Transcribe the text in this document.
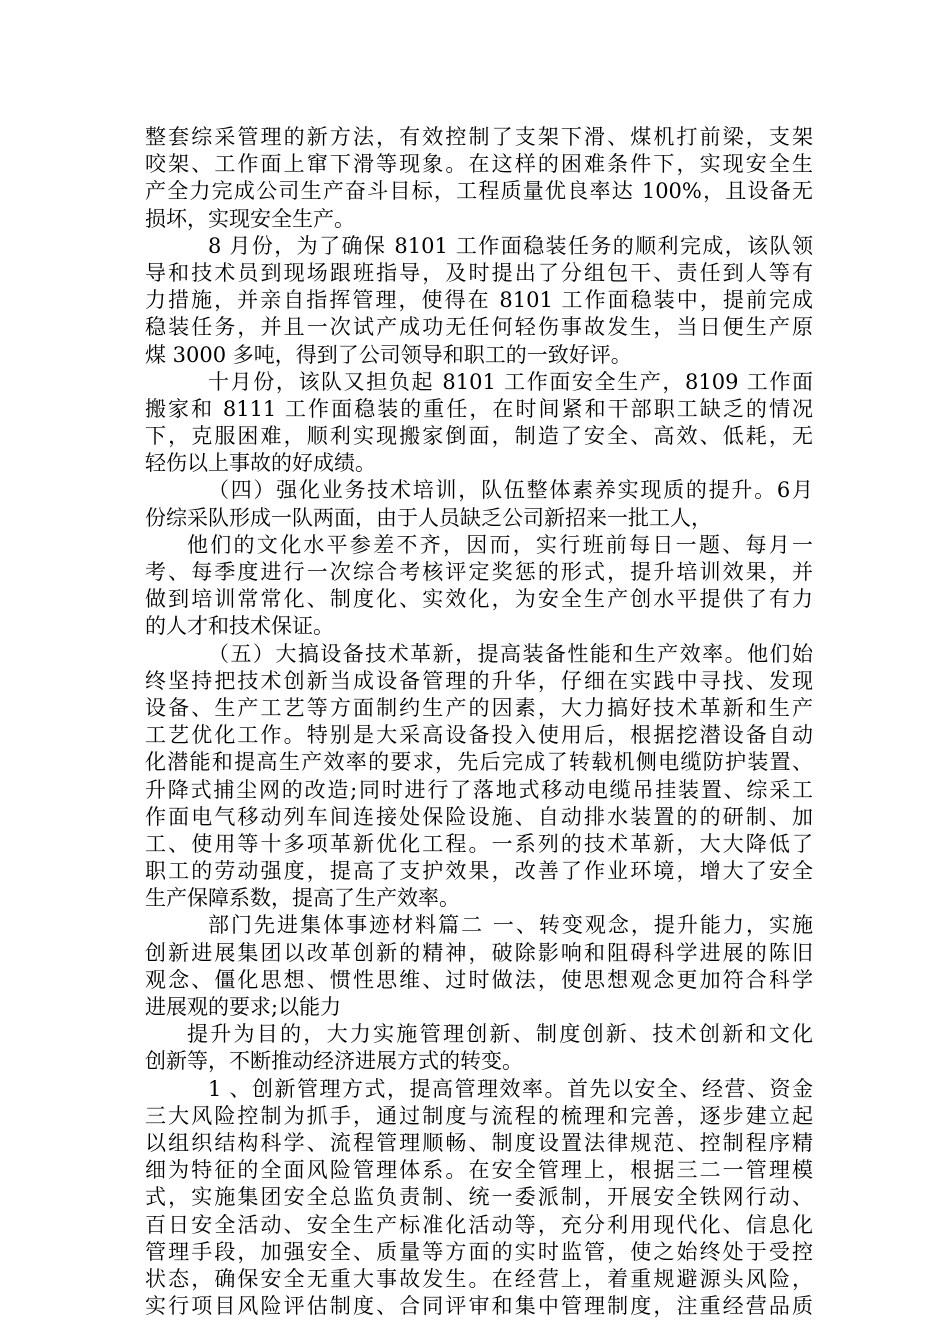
整套综采管理的新方法，有效控制了支架下滑、煤机打前梁，支架
咬架、工作面上窜下滑等现象。在这样的困难条件下，实现安全生
产全力完成公司生产奋斗目标，工程质量优良率达 100%，且设备无
损坏，实现安全生产。
8 月份，为了确保 8101 工作面稳装任务的顺利完成，该队领
导和技术员到现场跟班指导，及时提出了分组包干、责任到人等有
力措施，并亲自指挥管理，使得在 8101 工作面稳装中，提前完成
稳装任务，并且一次试产成功无任何轻伤事故发生，当日便生产原
煤 3000 多吨，得到了公司领导和职工的一致好评。
十月份，该队又担负起 8101 工作面安全生产，8109 工作面
搬家和 8111 工作面稳装的重任，在时间紧和干部职工缺乏的情况
下，克服困难，顺利实现搬家倒面，制造了安全、高效、低耗，无
轻伤以上事故的好成绩。
（四）强化业务技术培训，队伍整体素养实现质的提升。6月
份综采队形成一队两面，由于人员缺乏公司新招来一批工人，
他们的文化水平参差不齐，因而，实行班前每日一题、每月一
考、每季度进行一次综合考核评定奖惩的形式，提升培训效果，并
做到培训常常化、制度化、实效化，为安全生产创水平提供了有力
的人才和技术保证。
（五）大搞设备技术革新，提高装备性能和生产效率。他们始
终坚持把技术创新当成设备管理的升华，仔细在实践中寻找、发现
设备、生产工艺等方面制约生产的因素，大力搞好技术革新和生产
工艺优化工作。特别是大采高设备投入使用后，根据挖潜设备自动
化潜能和提高生产效率的要求，先后完成了转载机侧电缆防护装置、
升降式捕尘网的改造;同时进行了落地式移动电缆吊挂装置、综采工
作面电气移动列车间连接处保险设施、自动排水装置的的研制、加
工、使用等十多项革新优化工程。一系列的技术革新，大大降低了
职工的劳动强度，提高了支护效果，改善了作业环境，增大了安全
生产保障系数，提高了生产效率。
部门先进集体事迹材料篇二 一、转变观念，提升能力，实施
创新进展集团以改革创新的精神，破除影响和阻碍科学进展的陈旧
观念、僵化思想、惯性思维、过时做法，使思想观念更加符合科学
进展观的要求;以能力
提升为目的，大力实施管理创新、制度创新、技术创新和文化
创新等，不断推动经济进展方式的转变。
1 、创新管理方式，提高管理效率。首先以安全、经营、资金
三大风险控制为抓手，通过制度与流程的梳理和完善，逐步建立起
以组织结构科学、流程管理顺畅、制度设置法律规范、控制程序精
细为特征的全面风险管理体系。在安全管理上，根据三二一管理模
式，实施集团安全总监负责制、统一委派制，开展安全铁网行动、
百日安全活动、安全生产标准化活动等，充分利用现代化、信息化
管理手段，加强安全、质量等方面的实时监管，使之始终处于受控
状态，确保安全无重大事故发生。在经营上，着重规避源头风险，
实行项目风险评估制度、合同评审和集中管理制度，注重经营品质
